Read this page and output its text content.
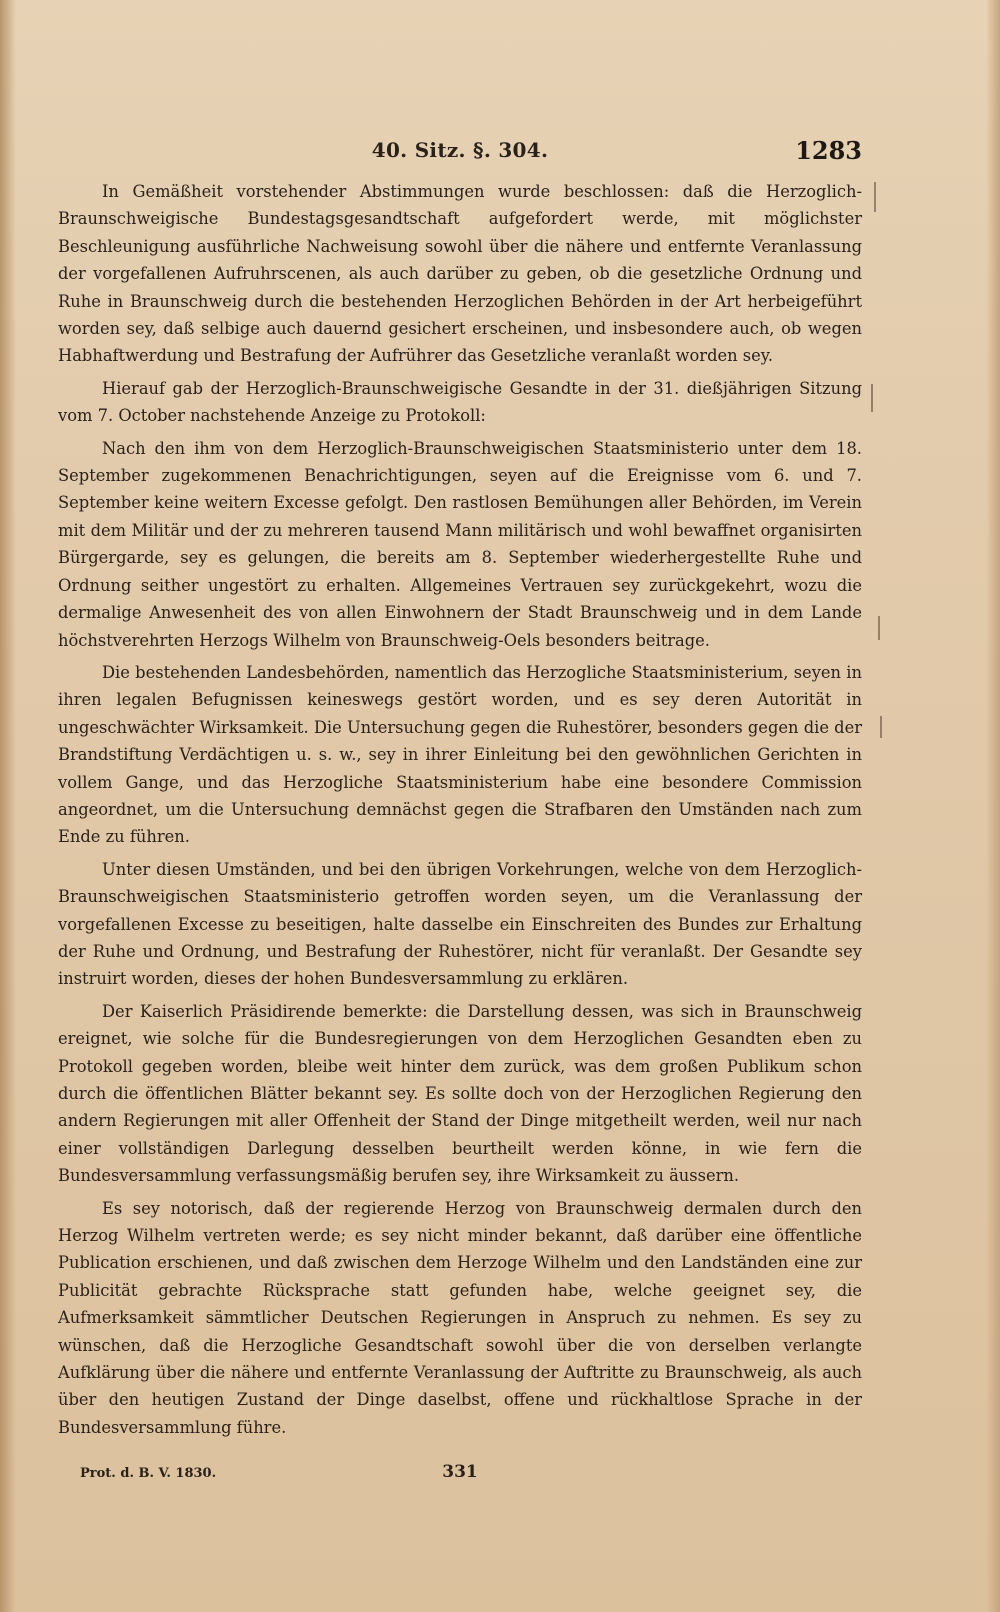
40. Sitz. §. 304.	1283

In Gemäßheit vorstehender Abstimmungen wurde beschlossen: daß die Herzoglich-Braunschweigische Bundestagsgesandtschaft aufgefordert werde, mit möglichster Beschleunigung ausführliche Nachweisung sowohl über die nähere und entfernte Veranlassung der vorgefallenen Aufruhrscenen, als auch darüber zu geben, ob die gesetzliche Ordnung und Ruhe in Braunschweig durch die bestehenden Herzoglichen Behörden in der Art herbeigeführt worden sey, daß selbige auch dauernd gesichert erscheinen, und insbesondere auch, ob wegen Habhaftwerdung und Bestrafung der Aufrührer das Gesetzliche veranlaßt worden sey.

Hierauf gab der Herzoglich-Braunschweigische Gesandte in der 31. dießjährigen Sitzung vom 7. October nachstehende Anzeige zu Protokoll:

Nach den ihm von dem Herzoglich-Braunschweigischen Staatsministerio unter dem 18. September zugekommenen Benachrichtigungen, seyen auf die Ereignisse vom 6. und 7. September keine weitern Excesse gefolgt. Den rastlosen Bemühungen aller Behörden, im Verein mit dem Militär und der zu mehreren tausend Mann militärisch und wohl bewaffnet organisirten Bürgergarde, sey es gelungen, die bereits am 8. September wiederhergestellte Ruhe und Ordnung seither ungestört zu erhalten. Allgemeines Vertrauen sey zurückgekehrt, wozu die dermalige Anwesenheit des von allen Einwohnern der Stadt Braunschweig und in dem Lande höchstverehrten Herzogs Wilhelm von Braunschweig-Oels besonders beitrage.

Die bestehenden Landesbehörden, namentlich das Herzogliche Staatsministerium, seyen in ihren legalen Befugnissen keineswegs gestört worden, und es sey deren Autorität in ungeschwächter Wirksamkeit. Die Untersuchung gegen die Ruhestörer, besonders gegen die der Brandstiftung Verdächtigen u. s. w., sey in ihrer Einleitung bei den gewöhnlichen Gerichten in vollem Gange, und das Herzogliche Staatsministerium habe eine besondere Commission angeordnet, um die Untersuchung demnächst gegen die Strafbaren den Umständen nach zum Ende zu führen.

Unter diesen Umständen, und bei den übrigen Vorkehrungen, welche von dem Herzoglich-Braunschweigischen Staatsministerio getroffen worden seyen, um die Veranlassung der vorgefallenen Excesse zu beseitigen, halte dasselbe ein Einschreiten des Bundes zur Erhaltung der Ruhe und Ordnung, und Bestrafung der Ruhestörer, nicht für veranlaßt. Der Gesandte sey instruirt worden, dieses der hohen Bundesversammlung zu erklären.

Der Kaiserlich Präsidirende bemerkte: die Darstellung dessen, was sich in Braunschweig ereignet, wie solche für die Bundesregierungen von dem Herzoglichen Gesandten eben zu Protokoll gegeben worden, bleibe weit hinter dem zurück, was dem großen Publikum schon durch die öffentlichen Blätter bekannt sey. Es sollte doch von der Herzoglichen Regierung den andern Regierungen mit aller Offenheit der Stand der Dinge mitgetheilt werden, weil nur nach einer vollständigen Darlegung desselben beurtheilt werden könne, in wie fern die Bundesversammlung verfassungsmäßig berufen sey, ihre Wirksamkeit zu äussern.

Es sey notorisch, daß der regierende Herzog von Braunschweig dermalen durch den Herzog Wilhelm vertreten werde; es sey nicht minder bekannt, daß darüber eine öffentliche Publication erschienen, und daß zwischen dem Herzoge Wilhelm und den Landständen eine zur Publicität gebrachte Rücksprache statt gefunden habe, welche geeignet sey, die Aufmerksamkeit sämmtlicher Deutschen Regierungen in Anspruch zu nehmen. Es sey zu wünschen, daß die Herzogliche Gesandtschaft sowohl über die von derselben verlangte Aufklärung über die nähere und entfernte Veranlassung der Auftritte zu Braunschweig, als auch über den heutigen Zustand der Dinge daselbst, offene und rückhaltlose Sprache in der Bundesversammlung führe.

Prot. d. B. V. 1830.	331
